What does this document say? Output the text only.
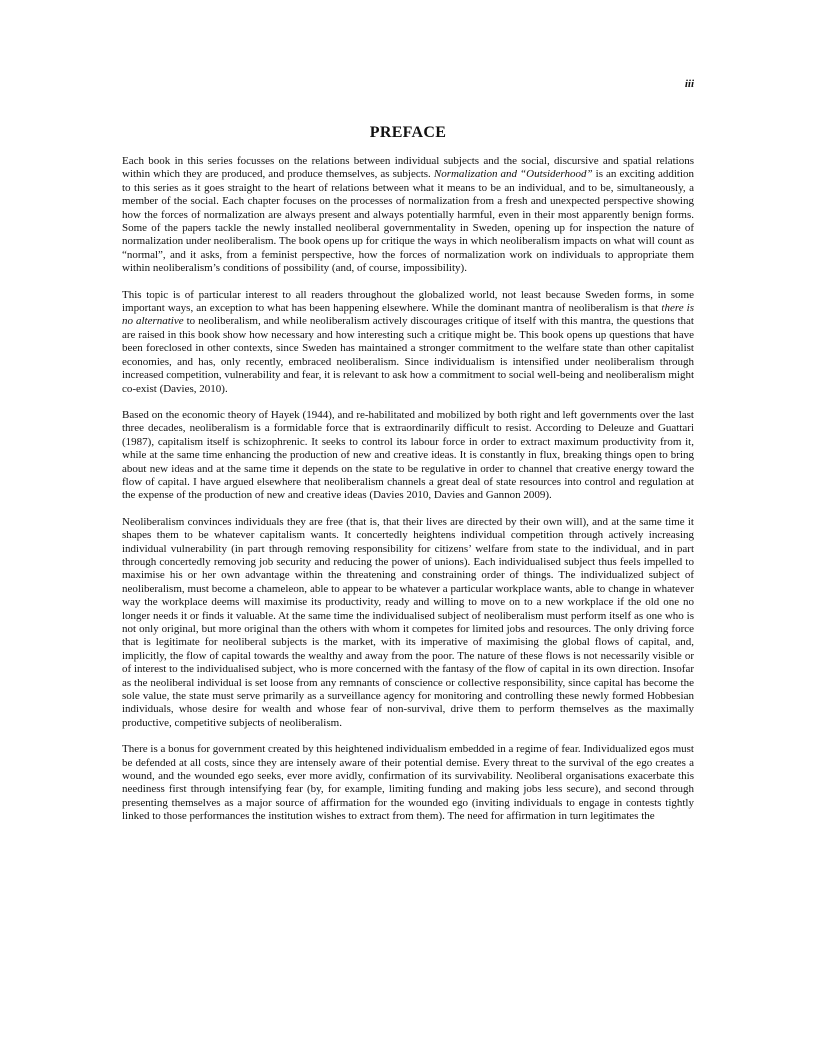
iii
PREFACE

Each book in this series focusses on the relations between individual subjects and the social, discursive and spatial relations within which they are produced, and produce themselves, as subjects. Normalization and “Outsiderhood” is an exciting addition to this series as it goes straight to the heart of relations between what it means to be an individual, and to be, simultaneously, a member of the social. Each chapter focuses on the processes of normalization from a fresh and unexpected perspective showing how the forces of normalization are always present and always potentially harmful, even in their most apparently benign forms. Some of the papers tackle the newly installed neoliberal governmentality in Sweden, opening up for inspection the nature of normalization under neoliberalism. The book opens up for critique the ways in which neoliberalism impacts on what will count as “normal”, and it asks, from a feminist perspective, how the forces of normalization work on individuals to appropriate them within neoliberalism’s conditions of possibility (and, of course, impossibility).

This topic is of particular interest to all readers throughout the globalized world, not least because Sweden forms, in some important ways, an exception to what has been happening elsewhere. While the dominant mantra of neoliberalism is that there is no alternative to neoliberalism, and while neoliberalism actively discourages critique of itself with this mantra, the questions that are raised in this book show how necessary and how interesting such a critique might be. This book opens up questions that have been foreclosed in other contexts, since Sweden has maintained a stronger commitment to the welfare state than other capitalist economies, and has, only recently, embraced neoliberalism. Since individualism is intensified under neoliberalism through increased competition, vulnerability and fear, it is relevant to ask how a commitment to social well-being and neoliberalism might co-exist (Davies, 2010).

Based on the economic theory of Hayek (1944), and re-habilitated and mobilized by both right and left governments over the last three decades, neoliberalism is a formidable force that is extraordinarily difficult to resist. According to Deleuze and Guattari (1987), capitalism itself is schizophrenic. It seeks to control its labour force in order to extract maximum productivity from it, while at the same time enhancing the production of new and creative ideas. It is constantly in flux, breaking things open to bring about new ideas and at the same time it depends on the state to be regulative in order to channel that creative energy toward the flow of capital. I have argued elsewhere that neoliberalism channels a great deal of state resources into control and regulation at the expense of the production of new and creative ideas (Davies 2010, Davies and Gannon 2009).

Neoliberalism convinces individuals they are free (that is, that their lives are directed by their own will), and at the same time it shapes them to be whatever capitalism wants. It concertedly heightens individual competition through actively increasing individual vulnerability (in part through removing responsibility for citizens’ welfare from state to the individual, and in part through concertedly removing job security and reducing the power of unions). Each individualised subject thus feels impelled to maximise his or her own advantage within the threatening and constraining order of things. The individualized subject of neoliberalism, must become a chameleon, able to appear to be whatever a particular workplace wants, able to change in whatever way the workplace deems will maximise its productivity, ready and willing to move on to a new workplace if the old one no longer needs it or finds it valuable. At the same time the individualised subject of neoliberalism must perform itself as one who is not only original, but more original than the others with whom it competes for limited jobs and resources. The only driving force that is legitimate for neoliberal subjects is the market, with its imperative of maximising the global flows of capital, and, implicitly, the flow of capital towards the wealthy and away from the poor. The nature of these flows is not necessarily visible or of interest to the individualised subject, who is more concerned with the fantasy of the flow of capital in its own direction. Insofar as the neoliberal individual is set loose from any remnants of conscience or collective responsibility, since capital has become the sole value, the state must serve primarily as a surveillance agency for monitoring and controlling these newly formed Hobbesian individuals, whose desire for wealth and whose fear of non-survival, drive them to perform themselves as the maximally productive, competitive subjects of neoliberalism.

There is a bonus for government created by this heightened individualism embedded in a regime of fear. Individualized egos must be defended at all costs, since they are intensely aware of their potential demise. Every threat to the survival of the ego creates a wound, and the wounded ego seeks, ever more avidly, confirmation of its survivability. Neoliberal organisations exacerbate this neediness first through intensifying fear (by, for example, limiting funding and making jobs less secure), and second through presenting themselves as a major source of affirmation for the wounded ego (inviting individuals to engage in contests tightly linked to those performances the institution wishes to extract from them). The need for affirmation in turn legitimates the
